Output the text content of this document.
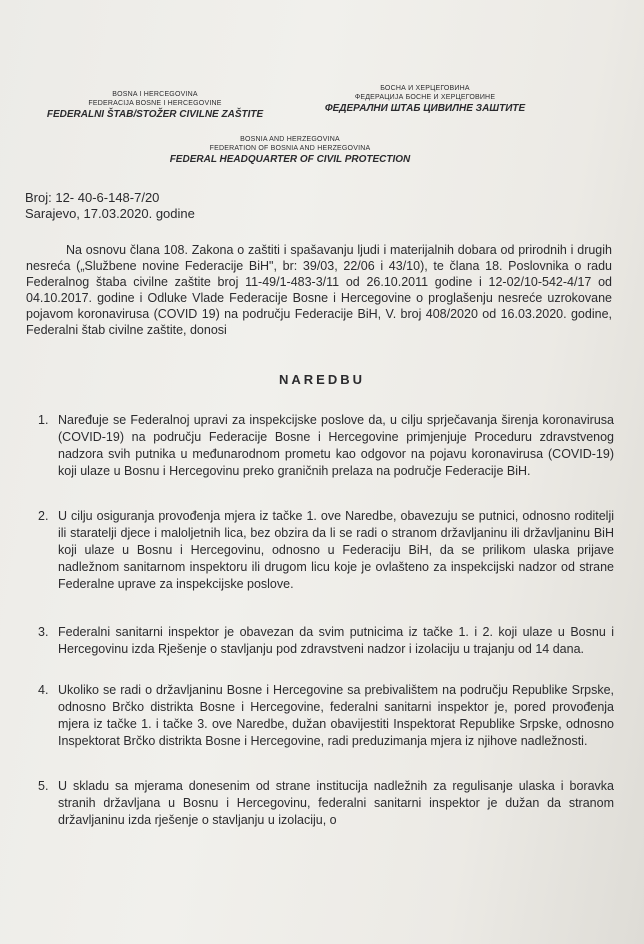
BOSNA I HERCEGOVINA
FEDERACIJA BOSNE I HERCEGOVINE
FEDERALNI ŠTAB/STOŽER CIVILNE ZAŠTITE
БОСНА И ХЕРЦЕГОВИНА
ФЕДЕРАЦИЈА БОСНЕ И ХЕРЦЕГОВИНЕ
ФЕДЕРАЛНИ ШТАБ ЦИВИЛНЕ ЗАШТИТЕ
BOSNIA AND HERZEGOVINA
FEDERATION OF BOSNIA AND HERZEGOVINA
FEDERAL HEADQUARTER OF CIVIL PROTECTION
Broj: 12- 40-6-148-7/20
Sarajevo, 17.03.2020. godine
Na osnovu člana 108. Zakona o zaštiti i spašavanju ljudi i materijalnih dobara od prirodnih i drugih nesreća („Službene novine Federacije BiH", br: 39/03, 22/06 i 43/10), te člana 18. Poslovnika o radu Federalnog štaba civilne zaštite broj 11-49/1-483-3/11 od 26.10.2011 godine i 12-02/10-542-4/17 od 04.10.2017. godine i Odluke Vlade Federacije Bosne i Hercegovine o proglašenju nesreće uzrokovane pojavom koronavirusa (COVID 19) na području Federacije BiH, V. broj 408/2020 od 16.03.2020. godine, Federalni štab civilne zaštite, donosi
NAREDBU
1. Naređuje se Federalnoj upravi za inspekcijske poslove da, u cilju sprječavanja širenja koronavirusa (COVID-19) na području Federacije Bosne i Hercegovine primjenjuje Proceduru zdravstvenog nadzora svih putnika u međunarodnom prometu kao odgovor na pojavu koronavirusa (COVID-19) koji ulaze u Bosnu i Hercegovinu preko graničnih prelaza na područje Federacije BiH.
2. U cilju osiguranja provođenja mjera iz tačke 1. ove Naredbe, obavezuju se putnici, odnosno roditelji ili staratelji djece i maloljetnih lica, bez obzira da li se radi o stranom državljaninu ili državljaninu BiH koji ulaze u Bosnu i Hercegovinu, odnosno u Federaciju BiH, da se prilikom ulaska prijave nadležnom sanitarnom inspektoru ili drugom licu koje je ovlašteno za inspekcijski nadzor od strane Federalne uprave za inspekcijske poslove.
3. Federalni sanitarni inspektor je obavezan da svim putnicima iz tačke 1. i 2. koji ulaze u Bosnu i Hercegovinu izda Rješenje o stavljanju pod zdravstveni nadzor i izolaciju u trajanju od 14 dana.
4. Ukoliko se radi o državljaninu Bosne i Hercegovine sa prebivalištem na području Republike Srpske, odnosno Brčko distrikta Bosne i Hercegovine, federalni sanitarni inspektor je, pored provođenja mjera iz tačke 1. i tačke 3. ove Naredbe, dužan obavijestiti Inspektorat Republike Srpske, odnosno Inspektorat Brčko distrikta Bosne i Hercegovine, radi preduzimanja mjera iz njihove nadležnosti.
5. U skladu sa mjerama donesenim od strane institucija nadležnih za regulisanje ulaska i boravka stranih državljana u Bosnu i Hercegovinu, federalni sanitarni inspektor je dužan da stranom državljaninu izda rješenje o stavljanju u izolaciju, o
